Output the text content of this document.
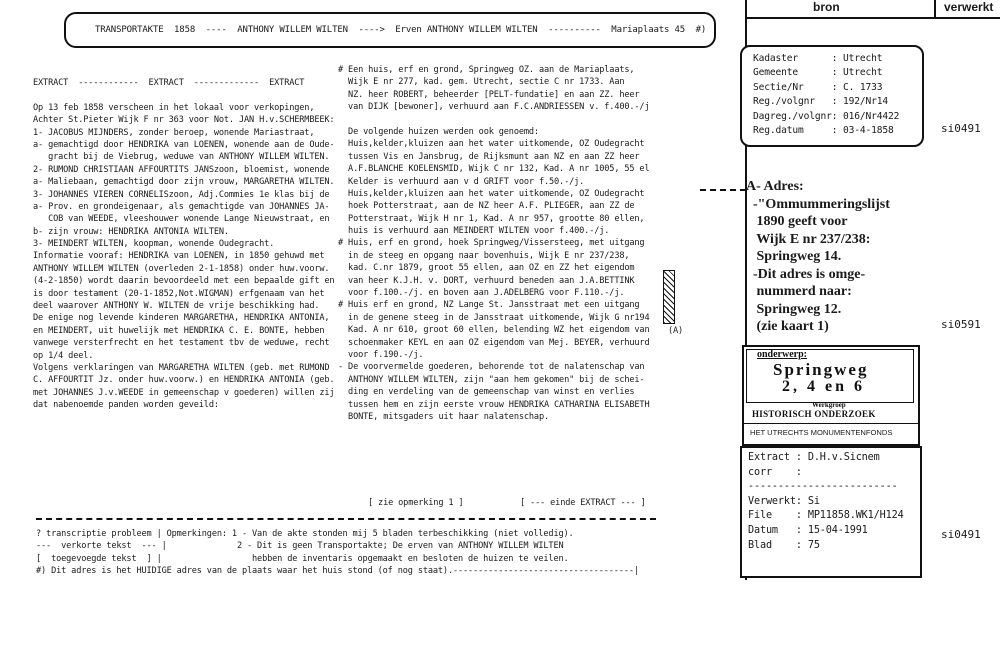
TRANSPORTAKTE  1858  ----  ANTHONY WILLEM WILTEN  ---->  Erven ANTHONY WILLEM WILTEN  ----------  Mariaplaats 45  #)
bron	verwerkt
EXTRACT  ------------  EXTRACT  -------------  EXTRACT
Op 13 feb 1858 verscheen in het lokaal voor verkopingen,
Achter St.Pieter Wijk F nr 363 voor Not. JAN H.v.SCHERMBEEK:
1- JACOBUS MIJNDERS, zonder beroep, wonende Mariastraat,
a- gemachtigd door HENDRIKA van LOENEN, wonende aan de Oude-
gracht bij de Viebrug, weduwe van ANTHONY WILLEM WILTEN.
2- RUMOND CHRISTIAAN AFFOURTITS JANSzoon, bloemist, wonende
a- Maliebaan, gemachtigd door zijn vrouw, MARGARETHA WILTEN.
3- JOHANNES VIEREN CORNELISzoon, Adj.Commies 1e klas bij de
a- Prov. en grondeigenaar, als gemachtigde van JOHANNES JA-
COB van WEEDE, vleeshouwer wonende Lange Nieuwstraat, en
b- zijn vrouw: HENDRIKA ANTONIA WILTEN.
3- MEINDERT WILTEN, koopman, wonende Oudegracht.
Informatie vooraf: HENDRIKA van LOENEN, in 1850 gehuwd met
ANTHONY WILLEM WILTEN (overleden 2-1-1858) onder huw.voorw.
(4-2-1850) wordt daarin bevoordeeld met een bepaalde gift en
is door testament (20-1-1852,Not.WIGMAN) erfgenaam van het
deel waarover ANTHONY W. WILTEN de vrije beschikking had.
De enige nog levende kinderen MARGARETHA, HENDRIKA ANTONIA,
en MEINDERT, uit huwelijk met HENDRIKA C. E. BONTE, hebben
vanwege versterfrecht en het testament tbv de weduwe, recht
op 1/4 deel.
Volgens verklaringen van MARGARETHA WILTEN (geb. met RUMOND
C. AFFOURTIT Jz. onder huw.voorw.) en HENDRIKA ANTONIA (geb.
met JOHANNES J.v.WEEDE in gemeenschap v goederen) willen zij
dat nabenoemde panden worden geveild:
# Een huis, erf en grond, Springweg OZ. aan de Mariaplaats,
Wijk E nr 277, kad. gem. Utrecht, sectie C nr 1733. Aan
NZ. heer ROBERT, beheerder [PELT-fundatie] en aan ZZ. heer
van DIJK [bewoner], verhuurd aan F.C.ANDRIESSEN v. f.400.-/j
De volgende huizen werden ook genoemd:
Huis,kelder,kluizen aan het water uitkomende, OZ Oudegracht
tussen Vis en Jansbrug, de Rijksmunt aan NZ en aan ZZ heer
A.F.BLANCHE KOELENSMID, Wijk C nr 132, Kad. A nr 1005, 55 el
Kelder is verhuurd aan v d GRIFT voor f.50.-/j.
Huis,kelder,kluizen aan het water uitkomende, OZ Oudegracht
hoek Potterstraat, aan de NZ heer A.F. PLIEGER, aan ZZ de
Potterstraat, Wijk H nr 1, Kad. A nr 957, grootte 80 ellen,
huis is verhuurd aan MEINDERT WILTEN voor f.400.-/j.
# Huis, erf en grond, hoek Springweg/Vissersteeg, met uitgang
in de steeg en opgang naar bovenhuis, Wijk E nr 237/238,
kad. C.nr 1879, groot 55 ellen, aan OZ en ZZ het eigendom
van heer K.J.H. v. DORT, verhuurd beneden aan J.A.BETTINK
voor f.100.-/j. en boven aan J.ADELBERG voor F.110.-/j.
# Huis erf en grond, NZ Lange St. Jansstraat met een uitgang
in de genene steeg in de Jansstraat uitkomende, Wijk G nr194
Kad. A nr 610, groot 60 ellen, belending WZ het eigendom van
schoenmaker KEYL en aan OZ eigendom van Mej. BEYER, verhuurd
voor f.190.-/j.
- De voorvermelde goederen, behorende tot de nalatenschap van
ANTHONY WILLEM WILTEN, zijn "aan hem gekomen" bij de schei-
ding en verdeling van de gemeenschap van winst en verlies
tussen hem en zijn eerste vrouw HENDRIKA CATHARINA ELISABETH
BONTE, mitsgaders uit haar nalatenschap.
(A)
[ zie opmerking 1 ]	[ --- einde EXTRACT --- ]
? transcriptie probleem | Opmerkingen: 1 - Van de akte stonden mij 5 bladen terbeschikking (niet volledig).
---  verkorte tekst  --- |              2 - Dit is geen Transportakte; De erven van ANTHONY WILLEM WILTEN
[  toegevoegde tekst  ] |                  hebben de inventaris opgemaakt en besloten de huizen te veilen.
#) Dit adres is het HUIDIGE adres van de plaats waar het huis stond (of nog staat).------------------------------------|
Kadaster      : Utrecht
Gemeente      : Utrecht
Sectie/Nr     : C. 1733
Reg./volgnr   : 192/Nr14
Dagreg./volgnr: 016/Nr4422
Reg.datum     : 03-4-1858	si0491
si0591
si0491
A- Adres:
-"Ommummeringslijst
1890 geeft voor
Wijk E nr 237/238:
Springweg 14.
-Dit adres is omge-
nummerd naar:
Springweg 12.
(zie kaart 1)
onderwerp:
Springweg
2, 4 en 6
Werkgroep
HISTORISCH ONDERZOEK
HET UTRECHTS MONUMENTENFONDS
Extract : D.H.v.Sicnem
corr    :
-------------------------
Verwerkt: Si
File    : MP11858.WK1/H124
Datum   : 15-04-1991
Blad    : 75
